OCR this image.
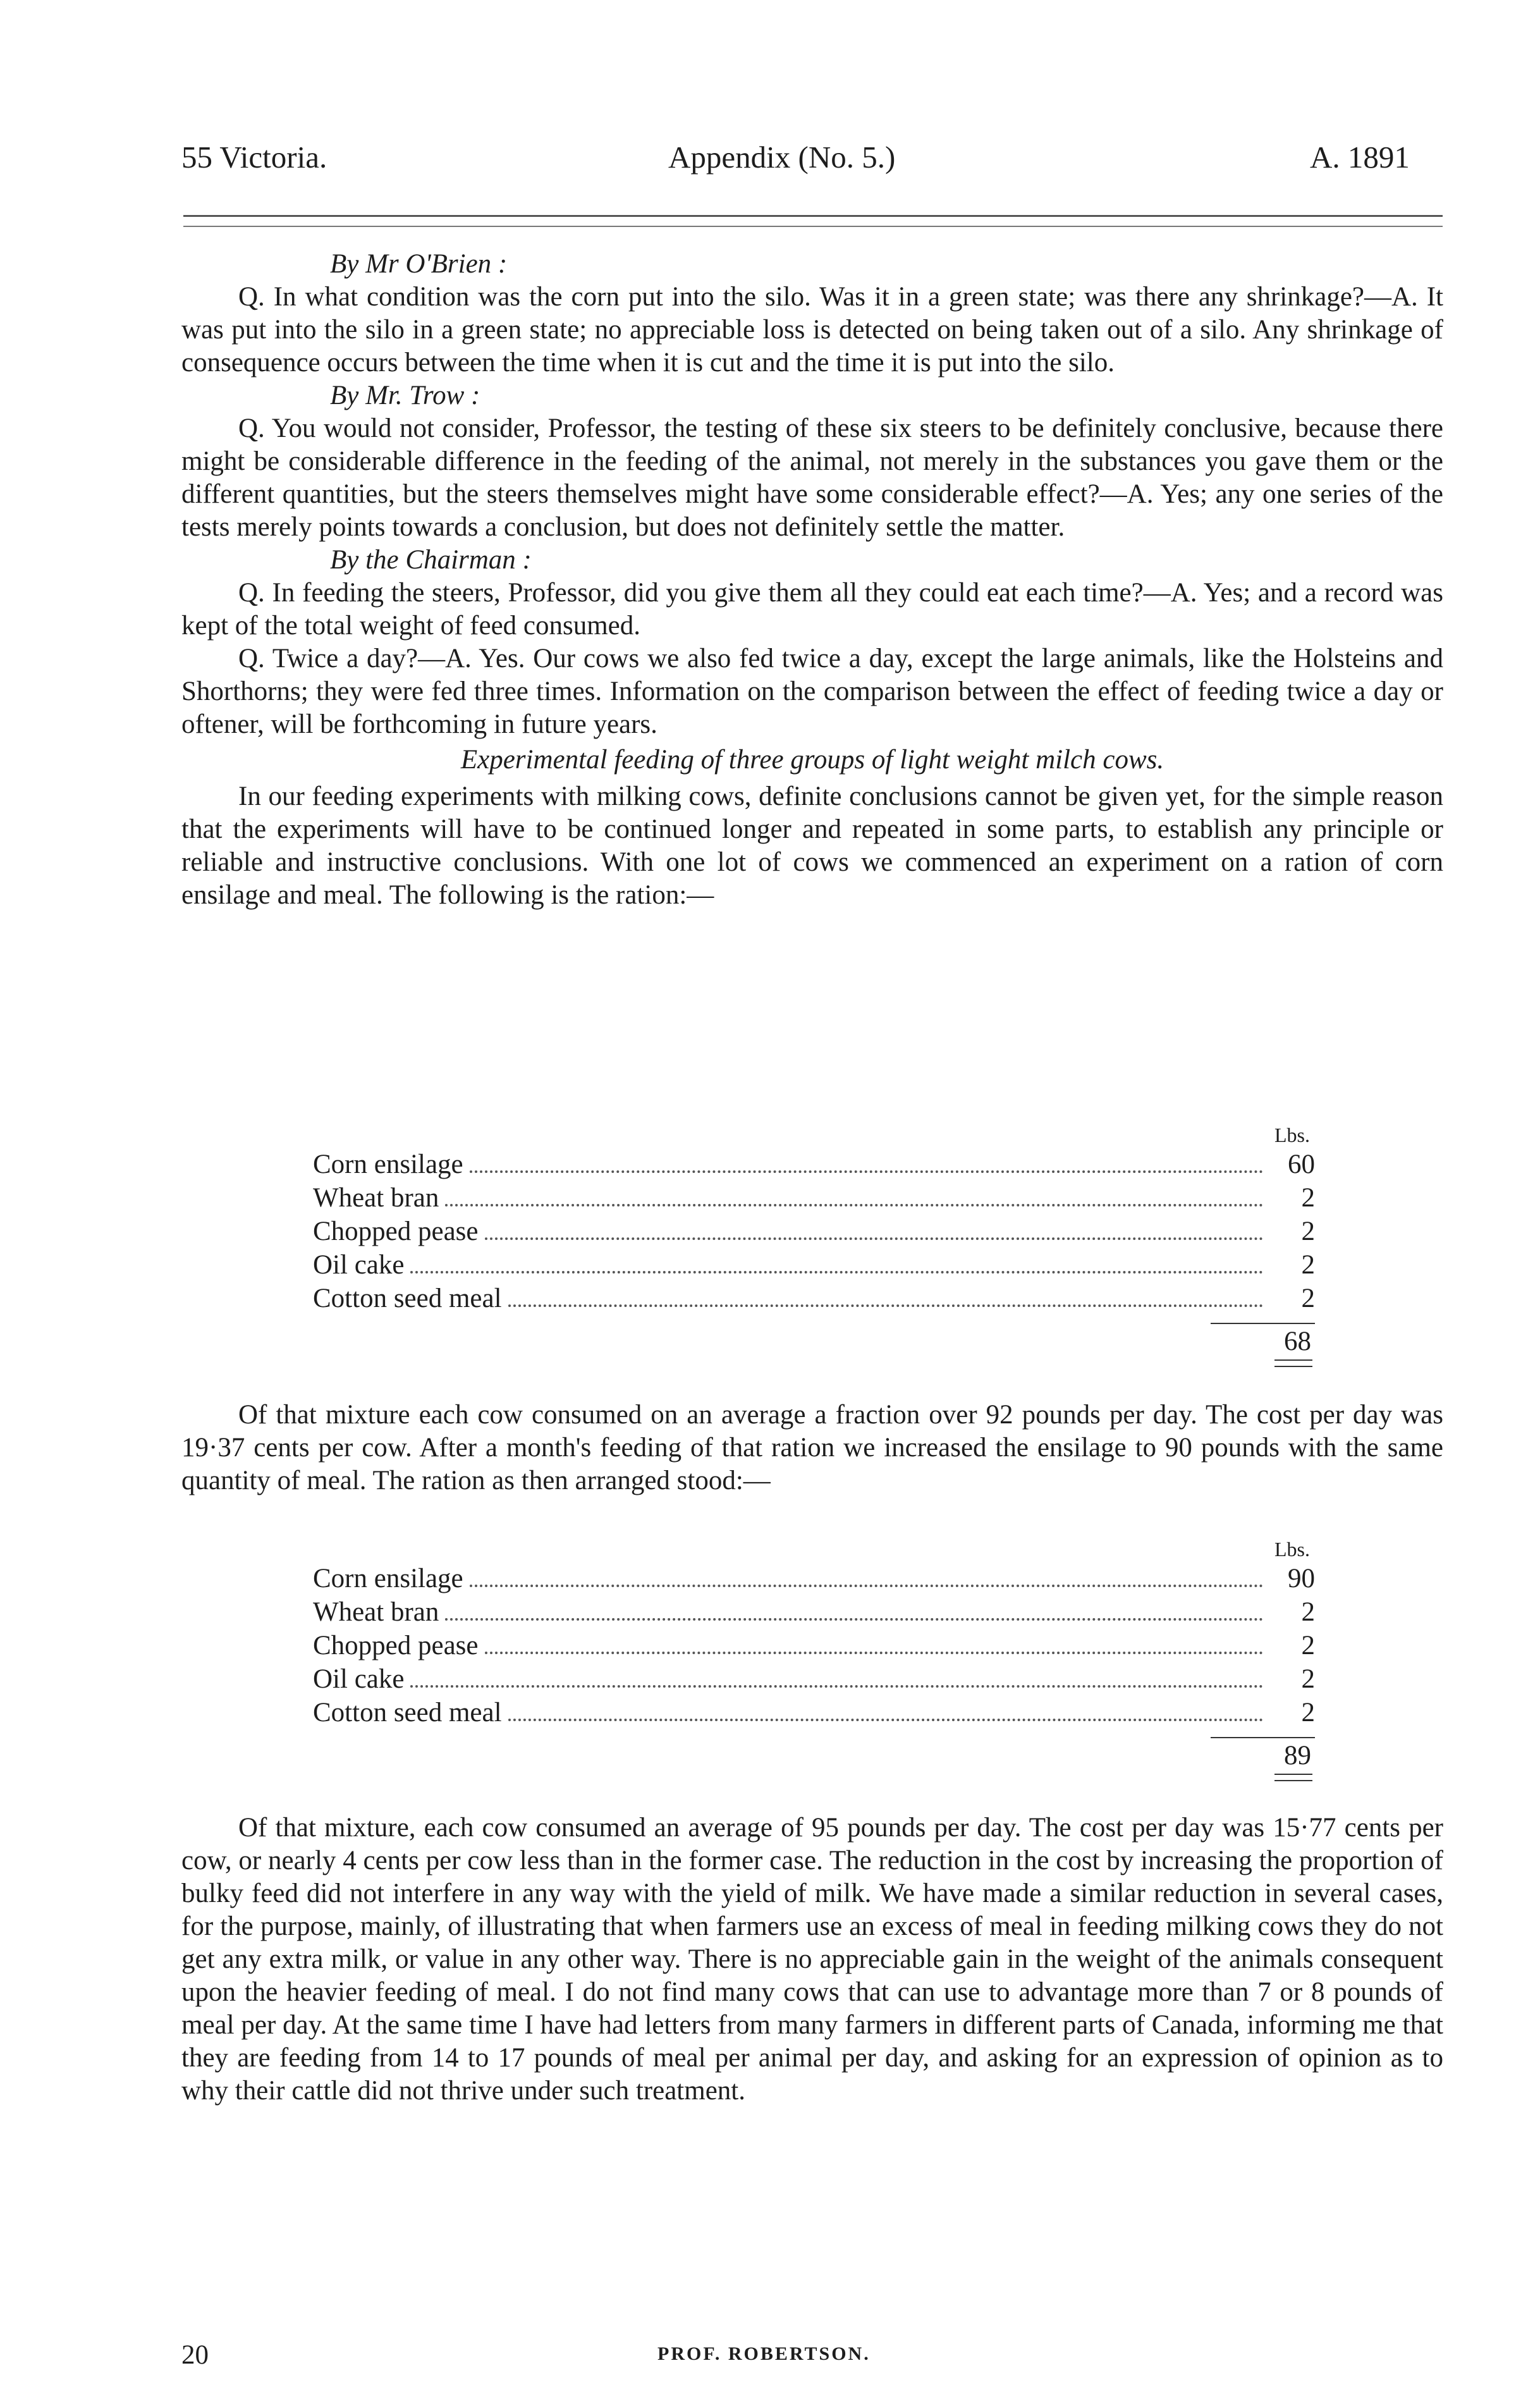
55 Victoria.	Appendix (No. 5.)	A. 1891

By Mr O'Brien :

Q. In what condition was the corn put into the silo. Was it in a green state; was there any shrinkage?—A. It was put into the silo in a green state; no appreciable loss is detected on being taken out of a silo. Any shrinkage of consequence occurs between the time when it is cut and the time it is put into the silo.

By Mr. Trow :

Q. You would not consider, Professor, the testing of these six steers to be definitely conclusive, because there might be considerable difference in the feeding of the animal, not merely in the substances you gave them or the different quantities, but the steers themselves might have some considerable effect?—A. Yes; any one series of the tests merely points towards a conclusion, but does not definitely settle the matter.

By the Chairman :

Q. In feeding the steers, Professor, did you give them all they could eat each time?—A. Yes; and a record was kept of the total weight of feed consumed.

Q. Twice a day?—A. Yes. Our cows we also fed twice a day, except the large animals, like the Holsteins and Shorthorns; they were fed three times. Information on the comparison between the effect of feeding twice a day or oftener, will be forthcoming in future years.

Experimental feeding of three groups of light weight milch cows.

In our feeding experiments with milking cows, definite conclusions cannot be given yet, for the simple reason that the experiments will have to be continued longer and repeated in some parts, to establish any principle or reliable and instructive conclusions. With one lot of cows we commenced an experiment on a ration of corn ensilage and meal. The following is the ration:—

Lbs.
Corn ensilage	60
Wheat bran	2
Chopped pease	2
Oil cake	2
Cotton seed meal	2
68

Of that mixture each cow consumed on an average a fraction over 92 pounds per day. The cost per day was 19·37 cents per cow. After a month's feeding of that ration we increased the ensilage to 90 pounds with the same quantity of meal. The ration as then arranged stood:—

Lbs.
Corn ensilage	90
Wheat bran	2
Chopped pease	2
Oil cake	2
Cotton seed meal	2
89

Of that mixture, each cow consumed an average of 95 pounds per day. The cost per day was 15·77 cents per cow, or nearly 4 cents per cow less than in the former case. The reduction in the cost by increasing the proportion of bulky feed did not interfere in any way with the yield of milk. We have made a similar reduction in several cases, for the purpose, mainly, of illustrating that when farmers use an excess of meal in feeding milking cows they do not get any extra milk, or value in any other way. There is no appreciable gain in the weight of the animals consequent upon the heavier feeding of meal. I do not find many cows that can use to advantage more than 7 or 8 pounds of meal per day. At the same time I have had letters from many farmers in different parts of Canada, informing me that they are feeding from 14 to 17 pounds of meal per animal per day, and asking for an expression of opinion as to why their cattle did not thrive under such treatment.

20	PROF. ROBERTSON.
